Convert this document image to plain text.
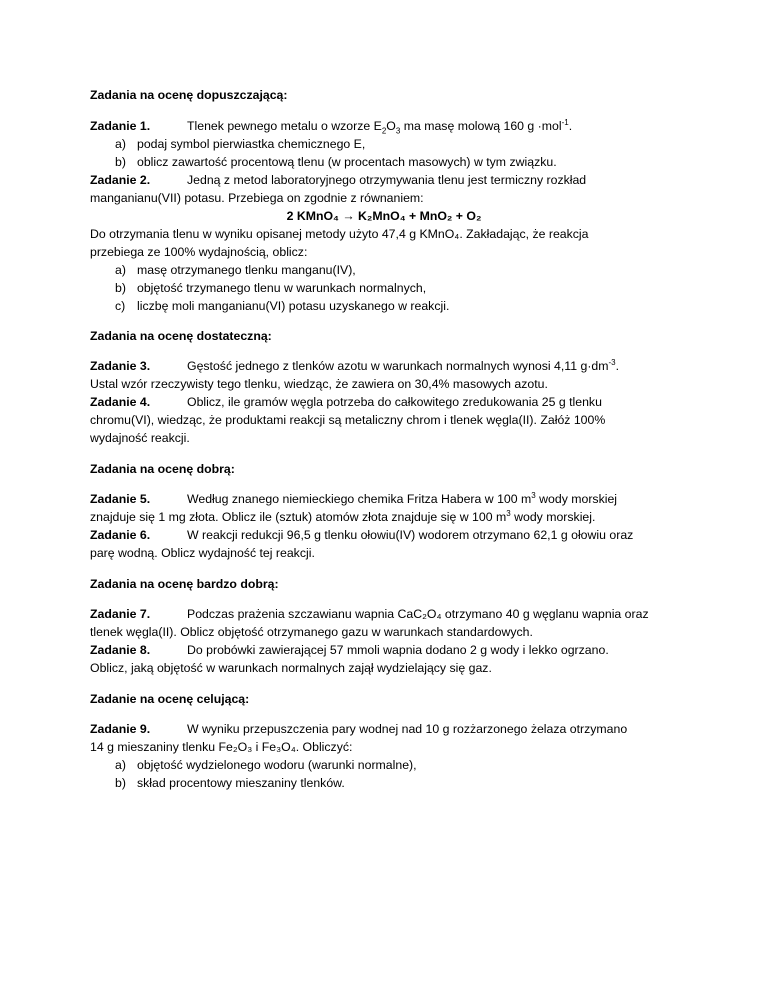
Zadania na ocenę dopuszczającą:
Zadanie 1.	Tlenek pewnego metalu o wzorze $E_2O_3$ ma masę molową 160 g ·mol$^{-1}$.
a) podaj symbol pierwiastka chemicznego E,
b) oblicz zawartość procentową tlenu (w procentach masowych) w tym związku.
Zadanie 2.	Jedną z metod laboratoryjnego otrzymywania tlenu jest termiczny rozkład
manganianu(VII) potasu. Przebiega on zgodnie z równaniem:
2 KMnO₄ → K₂MnO₄ + MnO₂ + O₂
Do otrzymania tlenu w wyniku opisanej metody użyto 47,4 g KMnO₄. Zakładając, że reakcja
przebiega ze 100% wydajnością, oblicz:
a) masę otrzymanego tlenku manganu(IV),
b) objętość trzymanego tlenu w warunkach normalnych,
c) liczbę moli manganianu(VI) potasu uzyskanego w reakcji.
Zadania na ocenę dostateczną:
Zadanie 3.	Gęstość jednego z tlenków azotu w warunkach normalnych wynosi 4,11 $g\cdot dm^{-3}$.
Ustal wzór rzeczywisty tego tlenku, wiedząc, że zawiera on 30,4% masowych azotu.
Zadanie 4.	Oblicz, ile gramów węgla potrzeba do całkowitego zredukowania 25 g tlenku
chromu(VI), wiedząc, że produktami reakcji są metaliczny chrom i tlenek węgla(II). Załóż 100%
wydajność reakcji.
Zadania na ocenę dobrą:
Zadanie 5.	Według znanego niemieckiego chemika Fritza Habera w 100 $m^3$ wody morskiej
znajduje się 1 mg złota. Oblicz ile (sztuk) atomów złota znajduje się w 100 $m^3$ wody morskiej.
Zadanie 6.	W reakcji redukcji 96,5 g tlenku ołowiu(IV) wodorem otrzymano 62,1 g ołowiu oraz
parę wodną. Oblicz wydajność tej reakcji.
Zadania na ocenę bardzo dobrą:
Zadanie 7.	Podczas prażenia szczawianu wapnia CaC₂O₄ otrzymano 40 g węglanu wapnia oraz
tlenek węgla(II). Oblicz objętość otrzymanego gazu w warunkach standardowych.
Zadanie 8.	Do probówki zawierającej 57 mmoli wapnia dodano 2 g wody i lekko ogrzano.
Oblicz, jaką objętość w warunkach normalnych zajął wydzielający się gaz.
Zadanie na ocenę celującą:
Zadanie 9.	W wyniku przepuszczenia pary wodnej nad 10 g rozżarzonego żelaza otrzymano
14 g mieszaniny tlenku Fe₂O₃ i Fe₃O₄. Obliczyć:
a) objętość wydzielonego wodoru (warunki normalne),
b) skład procentowy mieszaniny tlenków.
